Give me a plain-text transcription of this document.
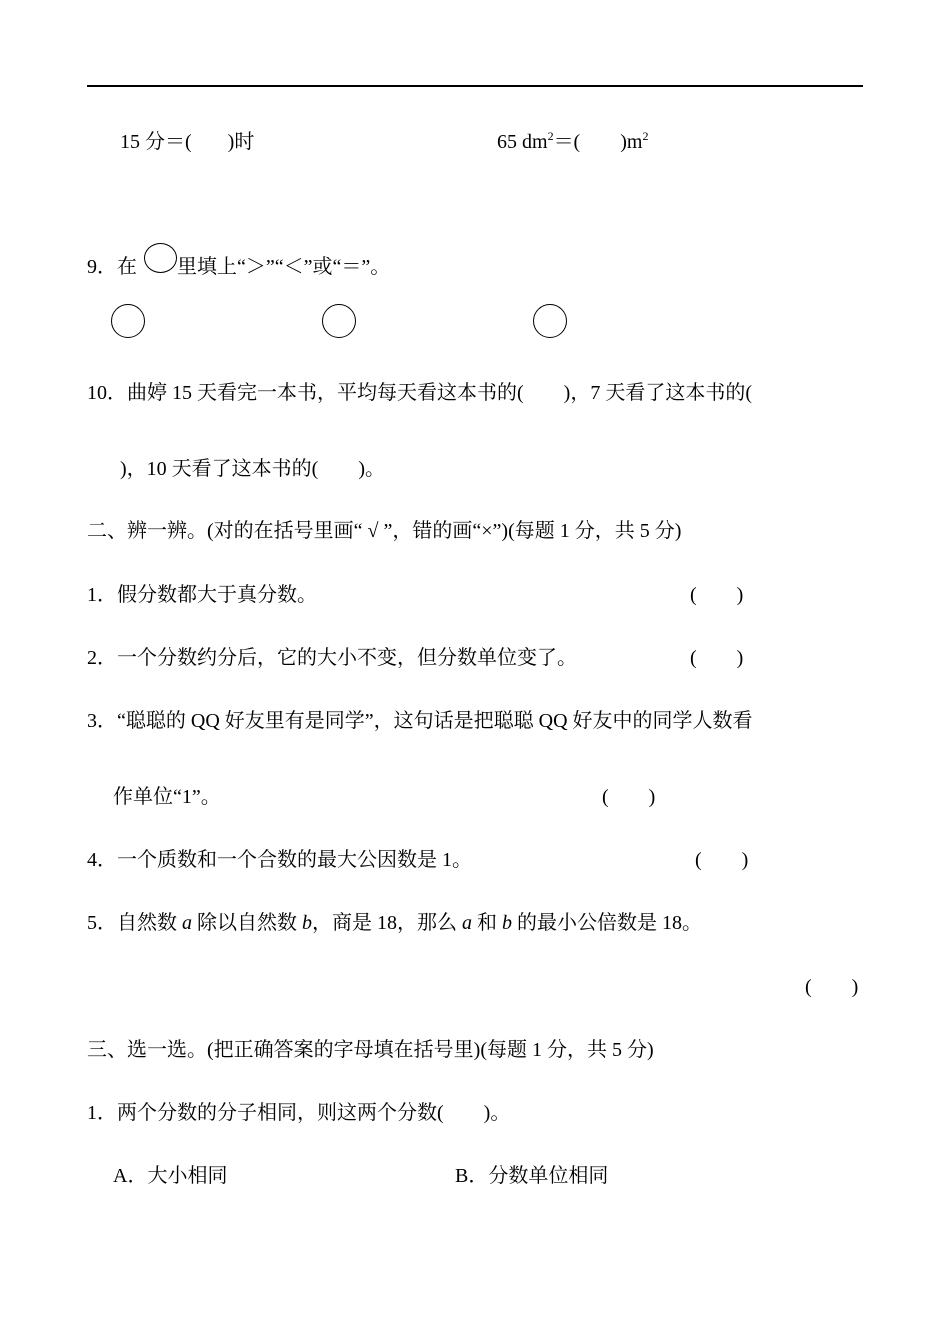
15 分＝( )时	65 $dm^2=$( )$m^2$
9．在 里填上“＞”“＜”或“＝”。
10．曲婷 15 天看完一本书，平均每天看这本书的(　　)，7 天看了这本书的(
)，10 天看了这本书的(　　)。
二、辨一辨。(对的在括号里画“ √ ”，错的画“×”)(每题 1 分，共 5 分)
1．假分数都大于真分数。	(　　)
2．一个分数约分后，它的大小不变，但分数单位变了。	(　　)
3．“聪聪的 QQ 好友里有是同学”，这句话是把聪聪 QQ 好友中的同学人数看
作单位“1”。	(　　)
4．一个质数和一个合数的最大公因数是 1。	(　　)
5．自然数 a 除以自然数 b，商是 18，那么 a 和 b 的最小公倍数是 18。
(　　)
三、选一选。(把正确答案的字母填在括号里)(每题 1 分，共 5 分)
1．两个分数的分子相同，则这两个分数(　　)。
A．大小相同	B．分数单位相同
